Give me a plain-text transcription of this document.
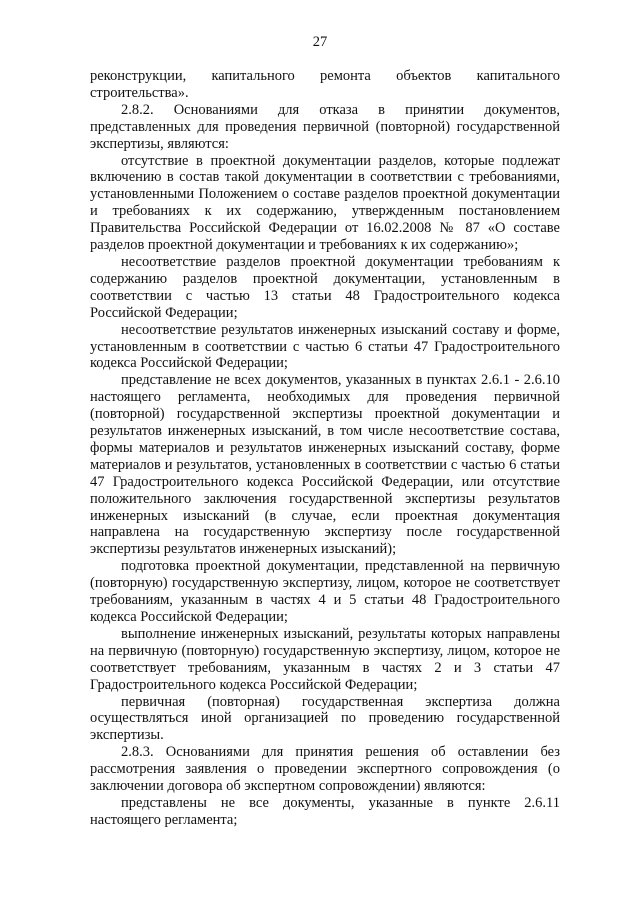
27

реконструкции, капитального ремонта объектов капитального строительства».

2.8.2. Основаниями для отказа в принятии документов, представленных для проведения первичной (повторной) государственной экспертизы, являются:

отсутствие в проектной документации разделов, которые подлежат включению в состав такой документации в соответствии с требованиями, установленными Положением о составе разделов проектной документации и требованиях к их содержанию, утвержденным постановлением Правительства Российской Федерации от 16.02.2008 № 87 «О составе разделов проектной документации и требованиях к их содержанию»;

несоответствие разделов проектной документации требованиям к содержанию разделов проектной документации, установленным в соответствии с частью 13 статьи 48 Градостроительного кодекса Российской Федерации;

несоответствие результатов инженерных изысканий составу и форме, установленным в соответствии с частью 6 статьи 47 Градостроительного кодекса Российской Федерации;

представление не всех документов, указанных в пунктах 2.6.1 - 2.6.10 настоящего регламента, необходимых для проведения первичной (повторной) государственной экспертизы проектной документации и результатов инженерных изысканий, в том числе несоответствие состава, формы материалов и результатов инженерных изысканий составу, форме материалов и результатов, установленных в соответствии с частью 6 статьи 47 Градостроительного кодекса Российской Федерации, или отсутствие положительного заключения государственной экспертизы результатов инженерных изысканий (в случае, если проектная документация направлена на государственную экспертизу после государственной экспертизы результатов инженерных изысканий);

подготовка проектной документации, представленной на первичную (повторную) государственную экспертизу, лицом, которое не соответствует требованиям, указанным в частях 4 и 5 статьи 48 Градостроительного кодекса Российской Федерации;

выполнение инженерных изысканий, результаты которых направлены на первичную (повторную) государственную экспертизу, лицом, которое не соответствует требованиям, указанным в частях 2 и 3 статьи 47 Градостроительного кодекса Российской Федерации;

первичная (повторная) государственная экспертиза должна осуществляться иной организацией по проведению государственной экспертизы.

2.8.3. Основаниями для принятия решения об оставлении без рассмотрения заявления о проведении экспертного сопровождения (о заключении договора об экспертном сопровождении) являются:

представлены не все документы, указанные в пункте 2.6.11 настоящего регламента;
